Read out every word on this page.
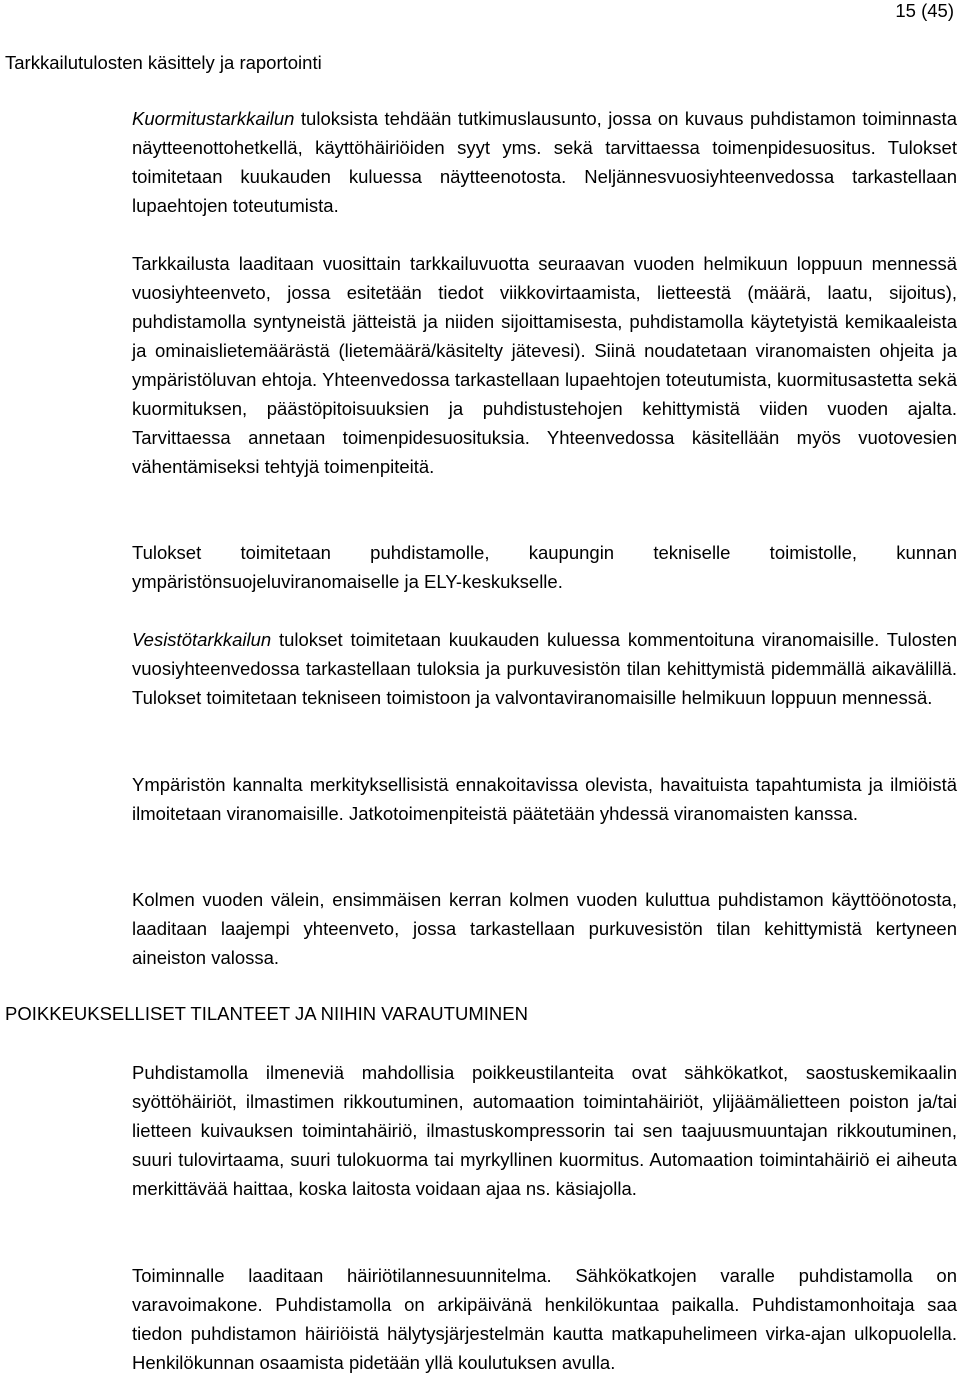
15 (45)
Tarkkailutulosten käsittely ja raportointi

Kuormitustarkkailun tuloksista tehdään tutkimuslausunto, jossa on kuvaus puhdistamon toiminnasta näytteenottohetkellä, käyttöhäiriöiden syyt yms. sekä tarvittaessa toimenpidesuositus. Tulokset toimitetaan kuukauden kuluessa näytteenotosta. Neljännesvuosiyhteenvedossa tarkastellaan lupaehtojen toteutumista.

Tarkkailusta laaditaan vuosittain tarkkailuvuotta seuraavan vuoden helmikuun loppuun mennessä vuosiyhteenveto, jossa esitetään tiedot viikkovirtaamista, lietteestä (määrä, laatu, sijoitus), puhdistamolla syntyneistä jätteistä ja niiden sijoittamisesta, puhdistamolla käytetyistä kemikaaleista ja ominaislietemäärästä (lietemäärä/käsitelty jätevesi). Siinä noudatetaan viranomaisten ohjeita ja ympäristöluvan ehtoja. Yhteenvedossa tarkastellaan lupaehtojen toteutumista, kuormitusastetta sekä kuormituksen, päästöpitoisuuksien ja puhdistustehojen kehittymistä viiden vuoden ajalta. Tarvittaessa annetaan toimenpidesuosituksia. Yhteenvedossa käsitellään myös vuotovesien vähentämiseksi tehtyjä toimenpiteitä.

Tulokset toimitetaan puhdistamolle, kaupungin tekniselle toimistolle, kunnan ympäristönsuojeluviranomaiselle ja ELY-keskukselle.

Vesistötarkkailun tulokset toimitetaan kuukauden kuluessa kommentoituna viranomaisille. Tulosten vuosiyhteenvedossa tarkastellaan tuloksia ja purkuvesistön tilan kehittymistä pidemmällä aikavälillä. Tulokset toimitetaan tekniseen toimistoon ja valvontaviranomaisille helmikuun loppuun mennessä.

Ympäristön kannalta merkityksellisistä ennakoitavissa olevista, havaituista tapahtumista ja ilmiöistä ilmoitetaan viranomaisille. Jatkotoimenpiteistä päätetään yhdessä viranomaisten kanssa.

Kolmen vuoden välein, ensimmäisen kerran kolmen vuoden kuluttua puhdistamon käyttöönotosta, laaditaan laajempi yhteenveto, jossa tarkastellaan purkuvesistön tilan kehittymistä kertyneen aineiston valossa.

POIKKEUKSELLISET TILANTEET JA NIIHIN VARAUTUMINEN

Puhdistamolla ilmeneviä mahdollisia poikkeustilanteita ovat sähkökatkot, saostuskemikaalin syöttöhäiriöt, ilmastimen rikkoutuminen, automaation toimintahäiriöt, ylijäämälietteen poiston ja/tai lietteen kuivauksen toimintahäiriö, ilmastuskompressorin tai sen taajuusmuuntajan rikkoutuminen, suuri tulovirtaama, suuri tulokuorma tai myrkyllinen kuormitus. Automaation toimintahäiriö ei aiheuta merkittävää haittaa, koska laitosta voidaan ajaa ns. käsiajolla.

Toiminnalle laaditaan häiriötilannesuunnitelma. Sähkökatkojen varalle puhdistamolla on varavoimakone. Puhdistamolla on arkipäivänä henkilökuntaa paikalla. Puhdistamonhoitaja saa tiedon puhdistamon häiriöistä hälytysjärjestelmän kautta matkapuhelimeen virka-ajan ulkopuolella. Henkilökunnan osaamista pidetään yllä koulutuksen avulla.
